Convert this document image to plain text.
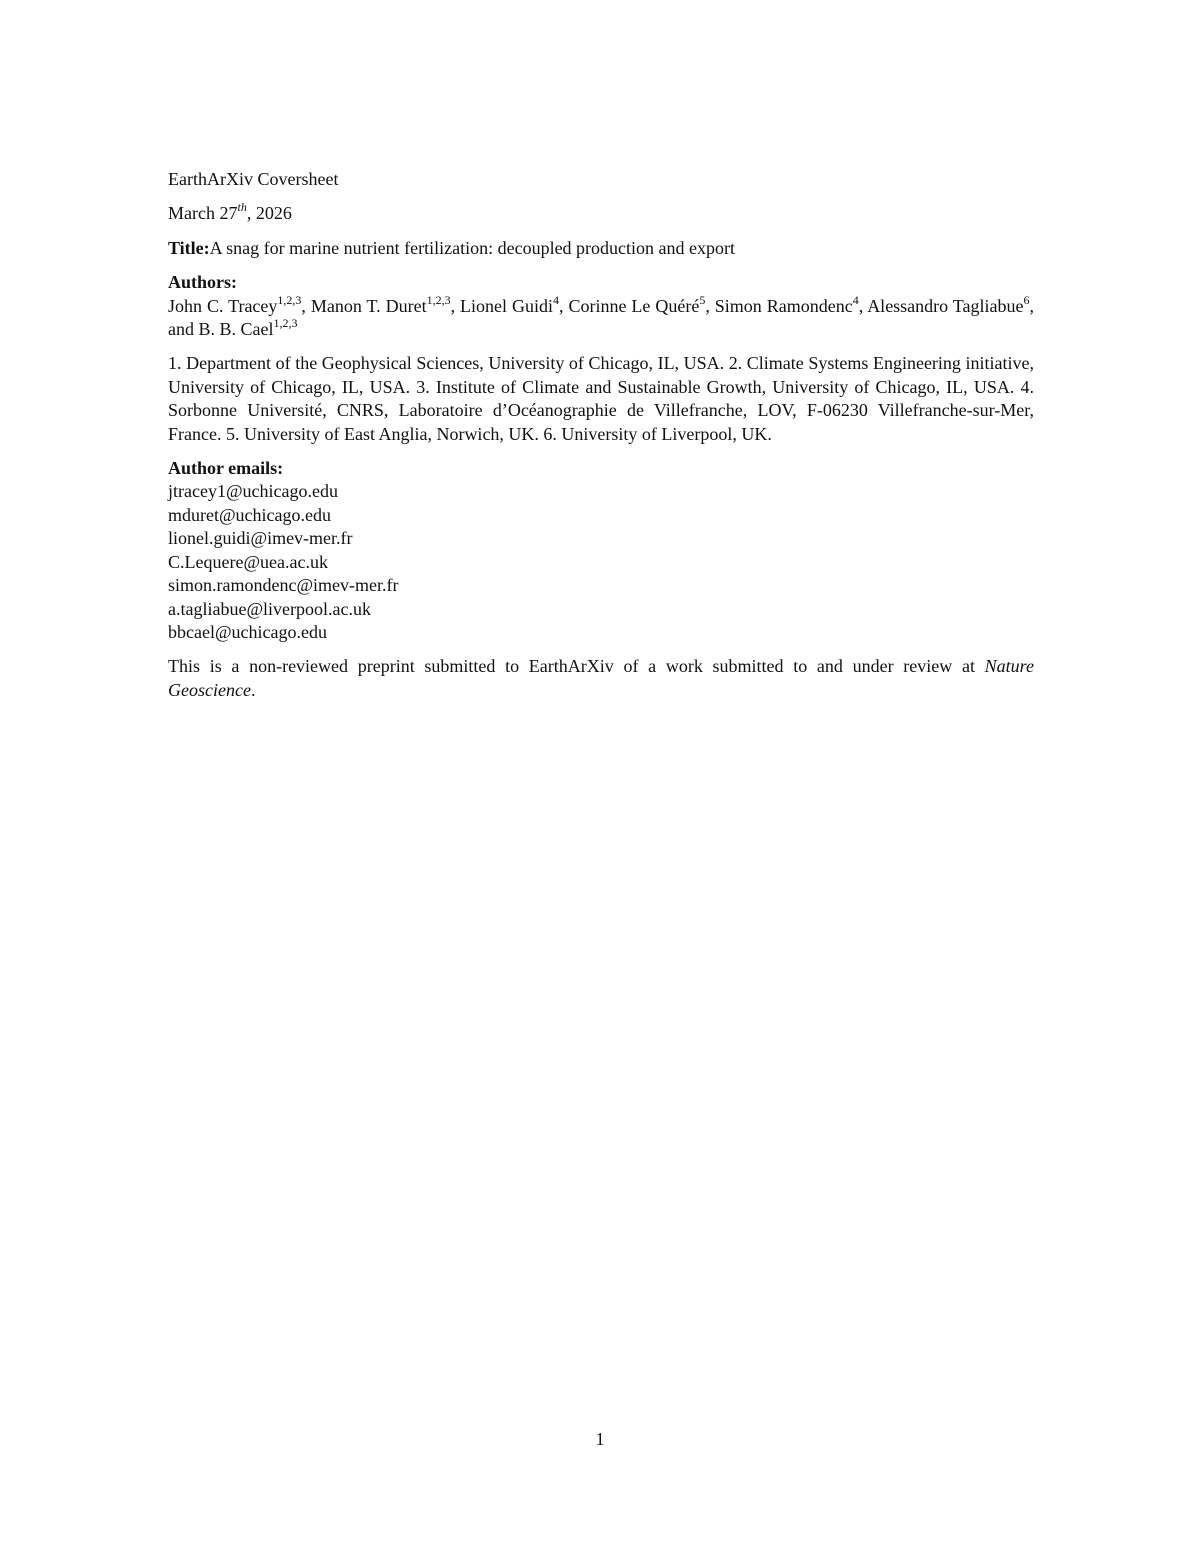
EarthArXiv Coversheet
March 27th, 2026
Title:A snag for marine nutrient fertilization: decoupled production and export
Authors:
John C. Tracey$^{1,2,3}$, Manon T. Duret$^{1,2,3}$, Lionel Guidi$^4$, Corinne Le Quéré$^5$, Simon Ramondenc$^4$, Alessandro Tagliabue$^6$, and B. B. Cael$^{1,2,3}$
1. Department of the Geophysical Sciences, University of Chicago, IL, USA. 2. Climate Systems Engineering initiative, University of Chicago, IL, USA. 3. Institute of Climate and Sustainable Growth, University of Chicago, IL, USA. 4. Sorbonne Université, CNRS, Laboratoire d’Océanographie de Villefranche, LOV, F-06230 Villefranche-sur-Mer, France. 5. University of East Anglia, Norwich, UK. 6. University of Liverpool, UK.
Author emails:
jtracey1@uchicago.edu
mduret@uchicago.edu
lionel.guidi@imev-mer.fr
C.Lequere@uea.ac.uk
simon.ramondenc@imev-mer.fr
a.tagliabue@liverpool.ac.uk
bbcael@uchicago.edu
This is a non-reviewed preprint submitted to EarthArXiv of a work submitted to and under review at Nature Geoscience.
1
